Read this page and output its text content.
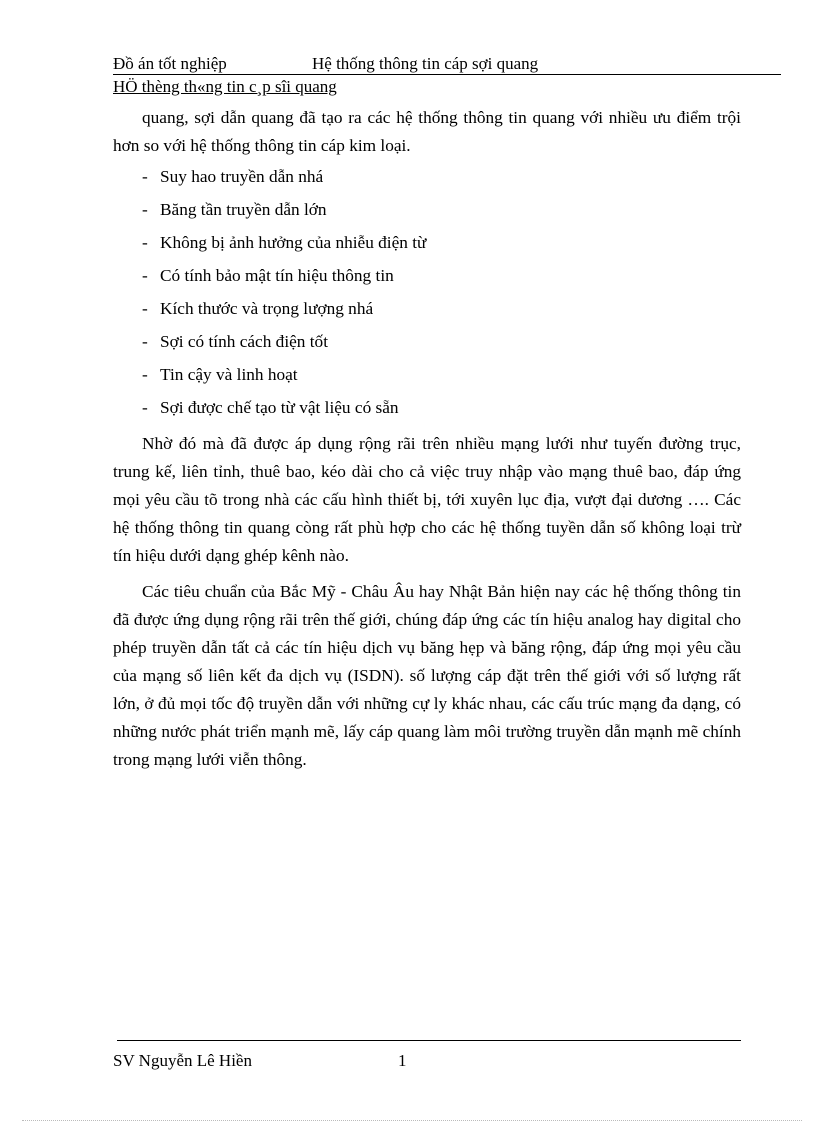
Đồ án tốt nghiệp	Hệ thống thông tin cáp sợi quang
HÖ thèng th«ng tin c¸p sîi quang

quang, sợi dẫn quang đã tạo ra các hệ thống thông tin quang với nhiều ưu điểm trội hơn so với hệ thống thông tin cáp kim loại.

- Suy hao truyền dẫn nhá
- Băng tần truyền dẫn lớn
- Không bị ảnh hưởng của nhiễu điện từ
- Có tính bảo mật tín hiệu thông tin
- Kích thước và trọng lượng nhá
- Sợi có tính cách điện tốt
- Tin cậy và linh hoạt
- Sợi được chế tạo từ vật liệu có sẵn

Nhờ đó mà đã được áp dụng rộng rãi trên nhiều mạng lưới như tuyến đường trục, trung kế, liên tỉnh, thuê bao, kéo dài cho cả việc truy nhập vào mạng thuê bao, đáp ứng mọi yêu cầu tõ trong nhà các cấu hình thiết bị, tới xuyên lục địa, vượt đại dương …. Các hệ thống thông tin quang còng rất phù hợp cho các hệ thống tuyền dẫn số không loại trừ tín hiệu dưới dạng ghép kênh nào.

Các tiêu chuẩn của Bắc Mỹ - Châu Âu hay Nhật Bản hiện nay các hệ thống thông tin đã được ứng dụng rộng rãi trên thế giới, chúng đáp ứng các tín hiệu analog hay digital cho phép truyền dẫn tất cả các tín hiệu dịch vụ băng hẹp và băng rộng, đáp ứng mọi yêu cầu của mạng số liên kết đa dịch vụ (ISDN). số lượng cáp đặt trên thế giới với số lượng rất lớn, ở đủ mọi tốc độ truyền dẫn với những cự ly khác nhau, các cấu trúc mạng đa dạng, có những nước phát triển mạnh mẽ, lấy cáp quang làm môi trường truyền dẫn mạnh mẽ chính trong mạng lưới viễn thông.

SV Nguyễn Lê Hiền	1
